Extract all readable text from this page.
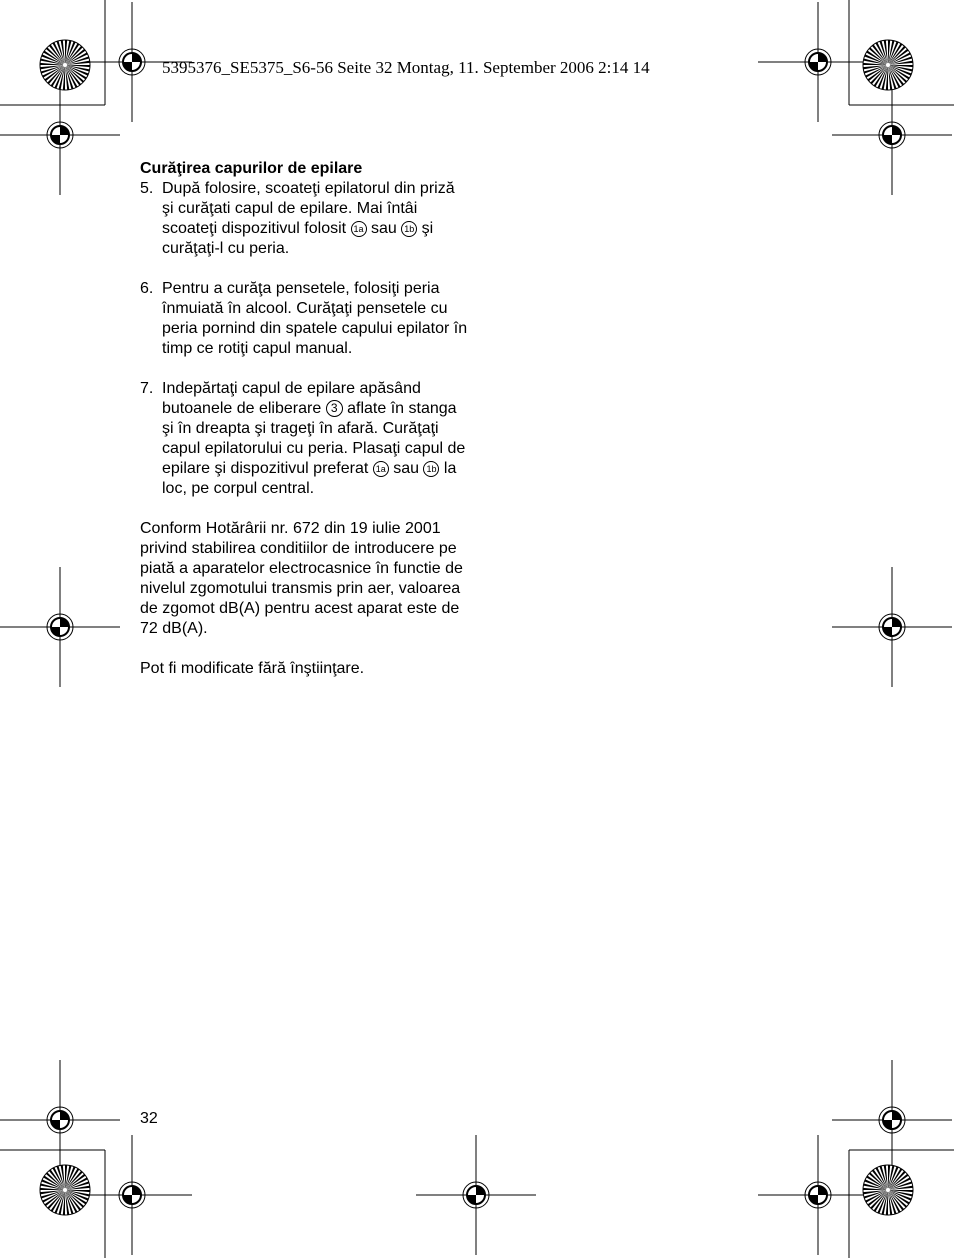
5395376_SE5375_S6-56 Seite 32 Montag, 11. September 2006 2:14 14

Curăţirea capurilor de epilare

5. După folosire, scoateţi epilatorul din priză şi curăţati capul de epilare. Mai întâi scoateţi dispozitivul folosit 1a sau 1b şi curăţaţi-l cu peria.
6. Pentru a curăţa pensetele, folosiţi peria înmuiată în alcool. Curăţaţi pensetele cu peria pornind din spatele capului epilator în timp ce rotiţi capul manual.
7. Indepărtaţi capul de epilare apăsând butoanele de eliberare 3 aflate în stanga şi în dreapta şi trageţi în afară. Curăţaţi capul epilatorului cu peria. Plasaţi capul de epilare şi dispozitivul preferat 1a sau 1b la loc, pe corpul central.

Conform Hotărârii nr. 672 din 19 iulie 2001 privind stabilirea conditiilor de introducere pe piată a aparatelor electrocasnice în functie de nivelul zgomotului transmis prin aer, valoarea de zgomot dB(A) pentru acest aparat este de 72 dB(A).

Pot fi modificate fără înştiinţare.

32
